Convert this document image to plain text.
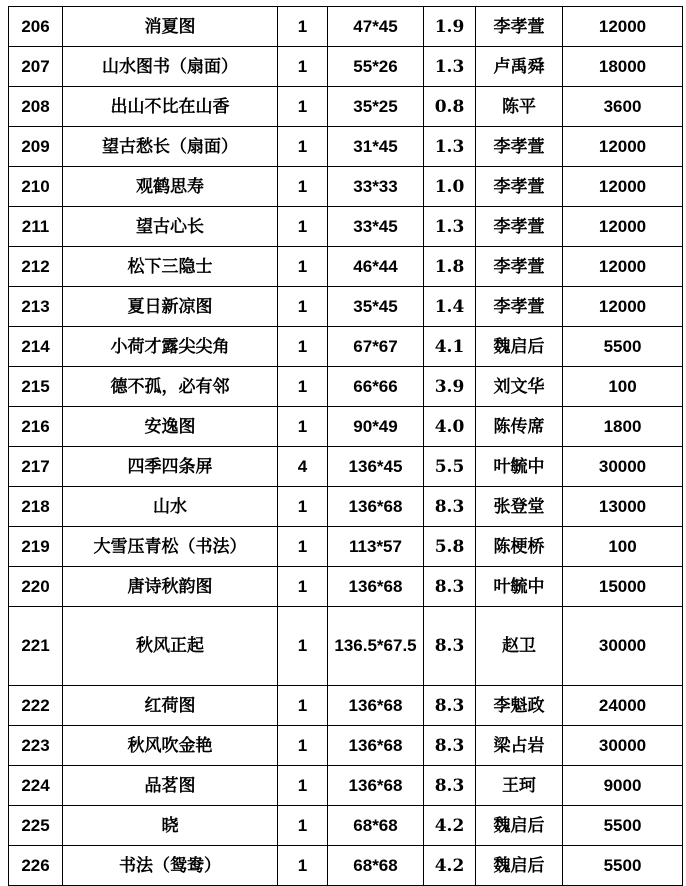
206	消夏图	1	47*45	1.9	李孝萱	12000
207	山水图书（扇面）	1	55*26	1.3	卢禹舜	18000
208	出山不比在山香	1	35*25	0.8	陈平	3600
209	望古愁长（扇面）	1	31*45	1.3	李孝萱	12000
210	观鹤思寿	1	33*33	1.0	李孝萱	12000
211	望古心长	1	33*45	1.3	李孝萱	12000
212	松下三隐士	1	46*44	1.8	李孝萱	12000
213	夏日新凉图	1	35*45	1.4	李孝萱	12000
214	小荷才露尖尖角	1	67*67	4.1	魏启后	5500
215	德不孤，必有邻	1	66*66	3.9	刘文华	100
216	安逸图	1	90*49	4.0	陈传席	1800
217	四季四条屏	4	136*45	5.5	叶毓中	30000
218	山水	1	136*68	8.3	张登堂	13000
219	大雪压青松（书法）	1	113*57	5.8	陈梗桥	100
220	唐诗秋韵图	1	136*68	8.3	叶毓中	15000
221	秋风正起	1	136.5*67.5	8.3	赵卫	30000
222	红荷图	1	136*68	8.3	李魁政	24000
223	秋风吹金艳	1	136*68	8.3	梁占岩	30000
224	品茗图	1	136*68	8.3	王珂	9000
225	晓	1	68*68	4.2	魏启后	5500
226	书法（鸳鸯）	1	68*68	4.2	魏启后	5500
